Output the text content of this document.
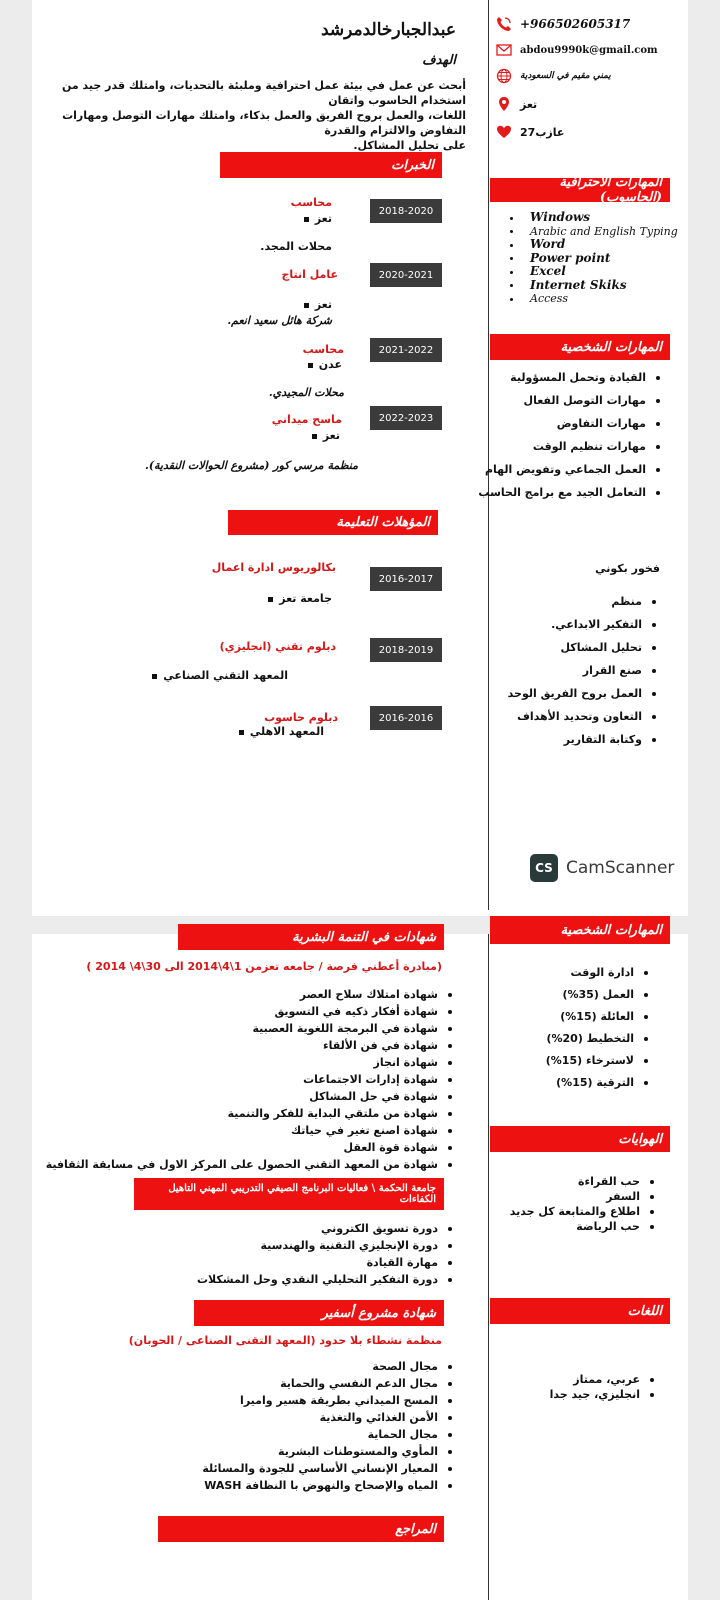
عبدالجبارخالدمرشد
الهدف
أبحث عن عمل في بيئة عمل احترافية وملبئة بالتحديات، وامتلك قدر جيد من استخدام الحاسوب واتقان
اللغات، والعمل بروح الفريق والعمل بذكاء، وامتلك مهارات التوصل ومهارات التفاوض والالتزام والقدرة
على تحليل المشاكل.
+966502605317
abdou9990k@gmail.com
يمني مقيم في السعودية
تعز
27عازب
المهارات الاحترافية (الحاسوب)
Windows
Arabic and English Typing
Word
Power point
Excel
Internet Skiks
Access
المهارات الشخصية
القيادة وتحمل المسؤولية
مهارات التوصل الفعال
مهارات التفاوض
مهارات تنظيم الوقت
العمل الجماعي وتفويض الهام
التعامل الجيد مع برامج الحاسب
فخور بكوني
منظم
التفكير الابداعي.
تحليل المشاكل
صنع القرار
العمل بروح الفريق الوحد
التعاون وتحديد الأهداف
وكتابة التقارير
الخبرات
2018-2020
محاسب
تعز
محلات المجد.
2020-2021
عامل انتاج
تعز
شركة هائل سعيد انعم.
2021-2022
محاسب
عدن
محلات المجيدي.
2022-2023
ماسح ميداني
تعز
منظمة مرسي كور (مشروع الحوالات النقدية).
المؤهلات التعليمة
2016-2017
بكالوريوس ادارة اعمال
جامعة تعز
2018-2019
دبلوم تقني (انجليزي)
المعهد التقني الصناعي
2016-2016
دبلوم حاسوب
المعهد الاهلي
CS CamScanner
شهادات في التنمة البشرية
(مبادرة أعطني فرصة / جامعه تعزمن 1\4\2014 الى 30\4\ 2014 )
شهادة امتلاك سلاح العصر
شهادة أفكار ذكيه في التسويق
شهادة في البرمجة اللغوية العصبية
شهادة في فن الألقاء
شهادة انجاز
شهادة إدارات الاجتماعات
شهادة في حل المشاكل
شهادة من ملتقي البداية للفكر والتنمية
شهادة اصنع تغير في حياتك
شهادة قوة العقل
شهادة من المعهد التقني الحصول على المركز الاول في مسابقة الثقافية
جامعة الحكمة \ فعاليات البرنامج الصيفي التدريبي المهني التاهيل الكفاءات
دورة تسويق الكتروني
دورة الإنجليزي التقنية والهندسية
مهارة القيادة
دورة التفكير التحليلي النقدي وحل المشكلات
شهادة مشروع أسفير
منظمة نشطاء بلا حدود (المعهد التقنى الصناعى / الحوبان)
مجال الصحة
مجال الدعم النفسي والحماية
المسح الميداني بطريقة هسير واميرا
الأمن الغذائي والتغذية
مجال الحماية
المأوي والمستوطنات البشرية
المعيار الإنساني الأساسي للجودة والمسائلة
المياه والإصحاح والنهوض با النظافة WASH
المراجع
المهارات الشخصية
ادارة الوقت
العمل (35%)
العائلة (15%)
التخطيط (20%)
لاسترخاء (15%)
الترقية (15%)
الهوايات
حب القراءة
السفر
اطلاع والمتابعة كل جديد
حب الرياضة
اللغات
عربي، ممتاز
انجليزي، جيد جدا
